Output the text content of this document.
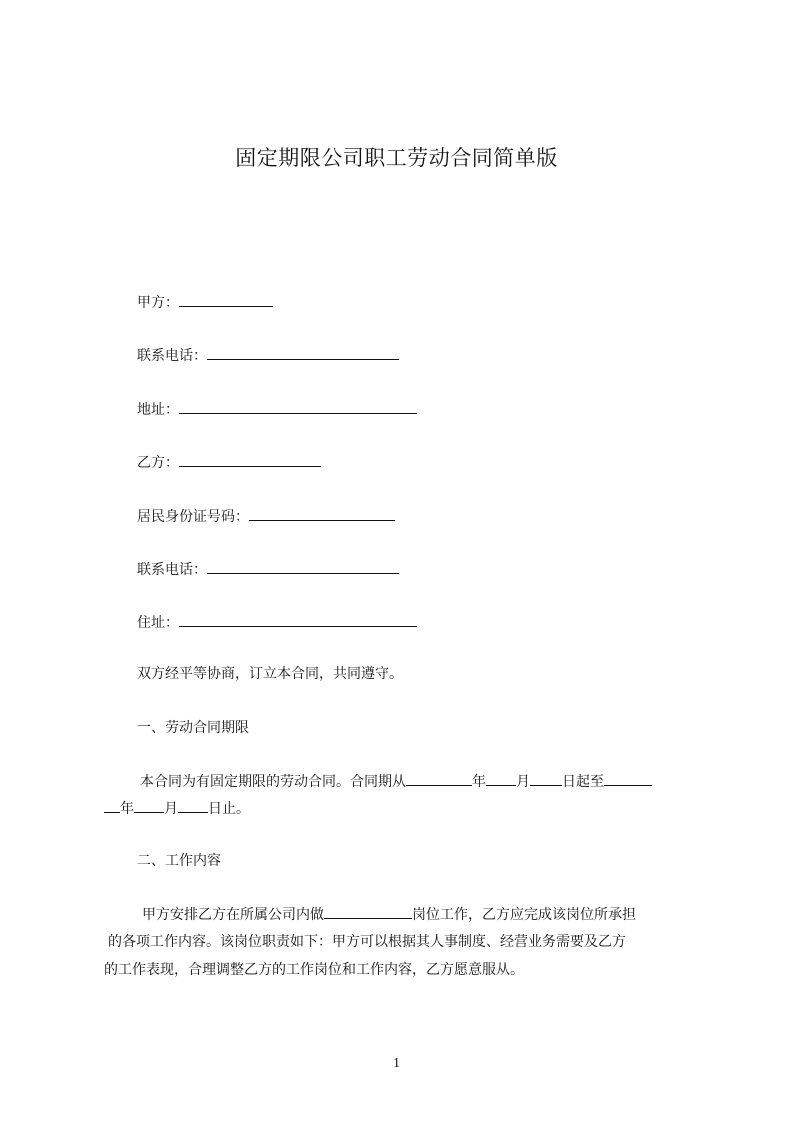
固定期限公司职工劳动合同简单版
甲方：
联系电话：
地址：
乙方：
居民身份证号码：
联系电话：
住址：
双方经平等协商，订立本合同，共同遵守。
一、劳动合同期限
本合同为有固定期限的劳动合同。合同期从	年 月 日起至
年 月 日止。
二、工作内容
甲方安排乙方在所属公司内做	岗位工作，乙方应完成该岗位所承担
的各项工作内容。该岗位职责如下：甲方可以根据其人事制度、经营业务需要及乙方
的工作表现，合理调整乙方的工作岗位和工作内容，乙方愿意服从。
1
